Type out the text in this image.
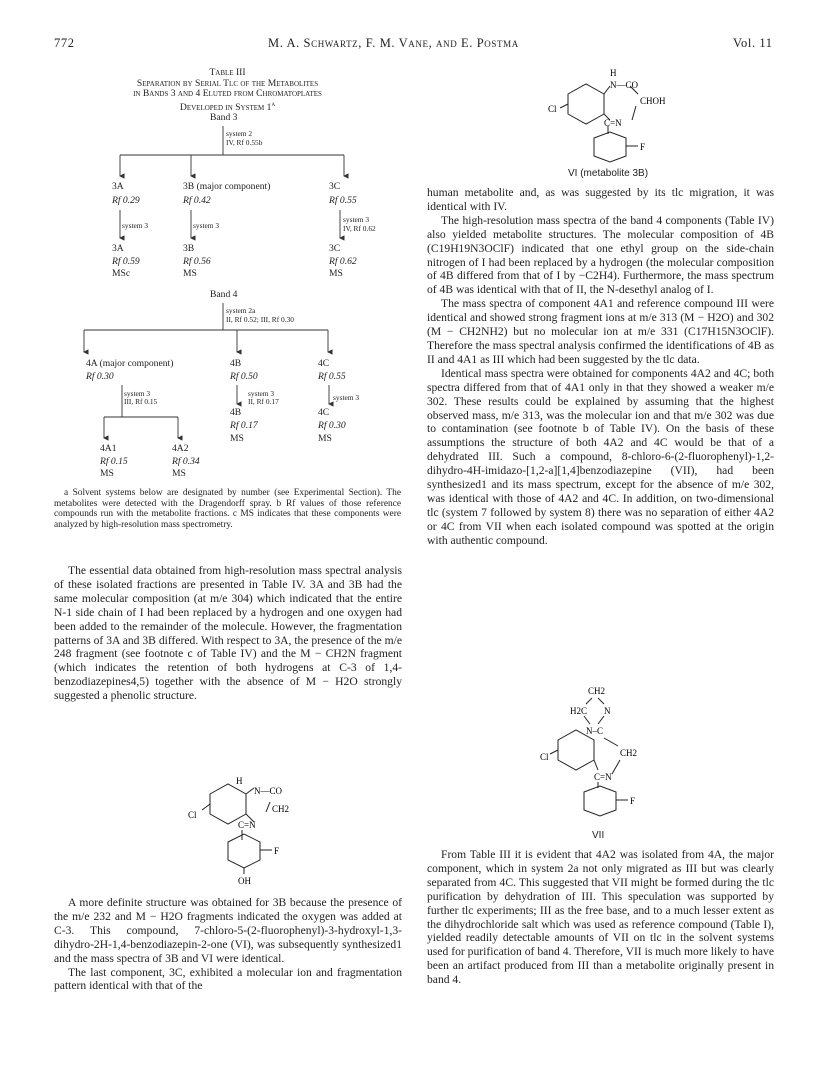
772	M. A. Schwartz, F. M. Vane, and E. Postma	Vol. 11
Table III
Separation by Serial Tlc of the Metabolites
in Bands 3 and 4 Eluted from Chromatoplates
Developed in System 1$^a$
Band 3
system 2
IV, Rf 0.55b
3A
Rf 0.29
3B (major component)
Rf 0.42
3C
Rf 0.55
system 3	system 3
system 3
IV, Rf 0.62
3A
Rf 0.59
MSc
3B
Rf 0.56
MS
3C
Rf 0.62
MS
Band 4
system 2a
II, Rf 0.52; III, Rf 0.30
4A (major component)
Rf 0.30
4B
Rf 0.50
4C
Rf 0.55
system 3
III, Rf 0.15
system 3
II, Rf 0.17	system 3
4B
Rf 0.17
MS
4C
Rf 0.30
MS
4A1
Rf 0.15
MS
4A2
Rf 0.34
MS

a Solvent systems below are designated by number (see Experimental Section). The metabolites were detected with the Dragendorff spray. b Rf values of those reference compounds run with the metabolite fractions. c MS indicates that these components were analyzed by high-resolution mass spectrometry.

The essential data obtained from high-resolution mass spectral analysis of these isolated fractions are presented in Table IV. 3A and 3B had the same molecular composition (at m/e 304) which indicated that the entire N-1 side chain of I had been replaced by a hydrogen and one oxygen had been added to the remainder of the molecule. However, the fragmentation patterns of 3A and 3B differed. With respect to 3A, the presence of the m/e 248 fragment (see footnote c of Table IV) and the M − CH2N fragment (which indicates the retention of both hydrogens at C-3 of 1,4-benzodiazepines4,5) together with the absence of M − H2O strongly suggested a phenolic structure.

H
N—CO
CH2
C=N
Cl
F
OH

A more definite structure was obtained for 3B because the presence of the m/e 232 and M − H2O fragments indicated the oxygen was added at C-3. This compound, 7-chloro-5-(2-fluorophenyl)-3-hydroxyl-1,3-dihydro-2H-1,4-benzodiazepin-2-one (VI), was subsequently synthesized1 and the mass spectra of 3B and VI were identical.

The last component, 3C, exhibited a molecular ion and fragmentation pattern identical with that of the

H
N—CO
CHOH
C=N
Cl
F
VI (metabolite 3B)

human metabolite and, as was suggested by its tlc migration, it was identical with IV.

The high-resolution mass spectra of the band 4 components (Table IV) also yielded metabolite structures. The molecular composition of 4B (C19H19N3OClF) indicated that one ethyl group on the side-chain nitrogen of I had been replaced by a hydrogen (the molecular composition of 4B differed from that of I by −C2H4). Furthermore, the mass spectrum of 4B was identical with that of II, the N-desethyl analog of I.

The mass spectra of component 4A1 and reference compound III were identical and showed strong fragment ions at m/e 313 (M − H2O) and 302 (M − CH2NH2) but no molecular ion at m/e 331 (C17H15N3OClF). Therefore the mass spectral analysis confirmed the identifications of 4B as II and 4A1 as III which had been suggested by the tlc data.

Identical mass spectra were obtained for components 4A2 and 4C; both spectra differed from that of 4A1 only in that they showed a weaker m/e 302. These results could be explained by assuming that the highest observed mass, m/e 313, was the molecular ion and that m/e 302 was due to contamination (see footnote b of Table IV). On the basis of these assumptions the structure of both 4A2 and 4C would be that of a dehydrated III. Such a compound, 8-chloro-6-(2-fluorophenyl)-1,2-dihydro-4H-imidazo-[1,2-a][1,4]benzodiazepine (VII), had been synthesized1 and its mass spectrum, except for the absence of m/e 302, was identical with those of 4A2 and 4C. In addition, on two-dimensional tlc (system 7 followed by system 8) there was no separation of either 4A2 or 4C from VII when each isolated compound was spotted at the origin with authentic compound.

CH2
H2C N
N–C
CH2
C=N
Cl
F
VII

From Table III it is evident that 4A2 was isolated from 4A, the major component, which in system 2a not only migrated as III but was clearly separated from 4C. This suggested that VII might be formed during the tlc purification by dehydration of III. This speculation was supported by further tlc experiments; III as the free base, and to a much lesser extent as the dihydrochloride salt which was used as reference compound (Table I), yielded readily detectable amounts of VII on tlc in the solvent systems used for purification of band 4. Therefore, VII is much more likely to have been an artifact produced from III than a metabolite originally present in band 4.
